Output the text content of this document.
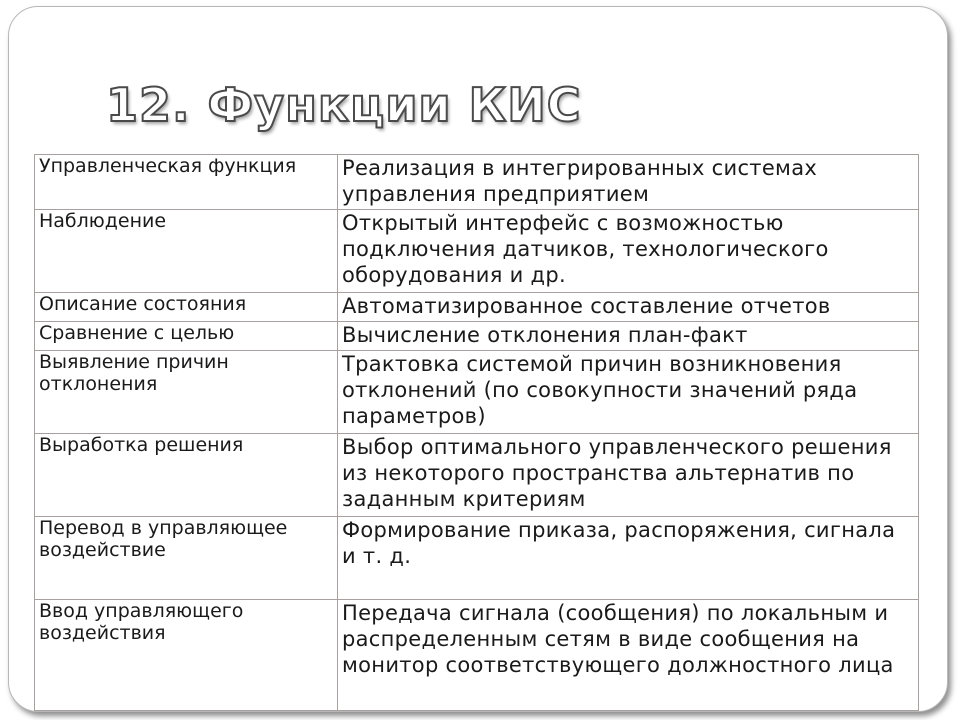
12. Функции КИС
Управленческая функция	Реализация в интегрированных системах управления предприятием
Наблюдение	Открытый интерфейс с возможностью подключения датчиков, технологического оборудования и др.
Описание состояния	Автоматизированное составление отчетов
Сравнение с целью	Вычисление отклонения план-факт
Выявление причин отклонения	Трактовка системой причин возникновения отклонений (по совокупности значений ряда параметров)
Выработка решения	Выбор оптимального управленческого решения из некоторого пространства альтернатив по заданным критериям
Перевод в управляющее воздействие	Формирование приказа, распоряжения, сигнала и т. д.
Ввод управляющего воздействия	Передача сигнала (сообщения) по локальным и распределенным сетям в виде сообщения на монитор соответствующего должностного лица
